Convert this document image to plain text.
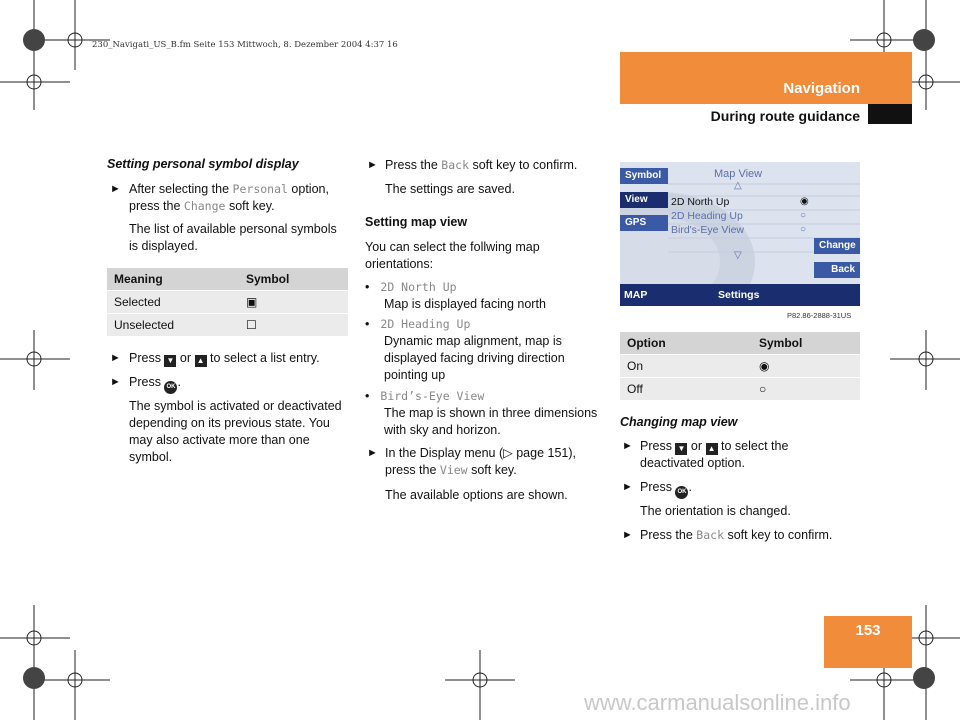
230_Navigati_US_B.fm Seite 153 Mittwoch, 8. Dezember 2004 4:37 16
Navigation
During route guidance
Setting personal symbol display
► After selecting the Personal option,

press the Change soft key.

The list of available personal symbols is displayed.

Meaning	Symbol
Selected	▣
Unselected	☐
► Press ▼ or ▲ to select a list entry.

► Press OK .

The symbol is activated or deactivated depending on its previous state. You may also activate more than one symbol.

► Press the Back soft key to confirm.

The settings are saved.

Setting map view

You can select the follwing map orientations:

• 2D North Up

Map is displayed facing north

• 2D Heading Up

Dynamic map alignment, map is displayed facing driving direction pointing up

• Bird’s-Eye View

The map is shown in three dimensions with sky and horizon.

► In the Display menu (▷ page 151),

press the View soft key.

The available options are shown.

Symbol
View
GPS
Map View
△
2D North Up	◉
2D Heading Up	○
Bird's-Eye View	○
▽
Change
Back
MAP	Settings
P82.86-2888-31US
Option	Symbol
On	◉
Off	○
Changing map view
► Press ▼ or ▲ to select the

deactivated option.

► Press OK .

The orientation is changed.

► Press the Back soft key to confirm.

153
www.carmanualsonline.info
